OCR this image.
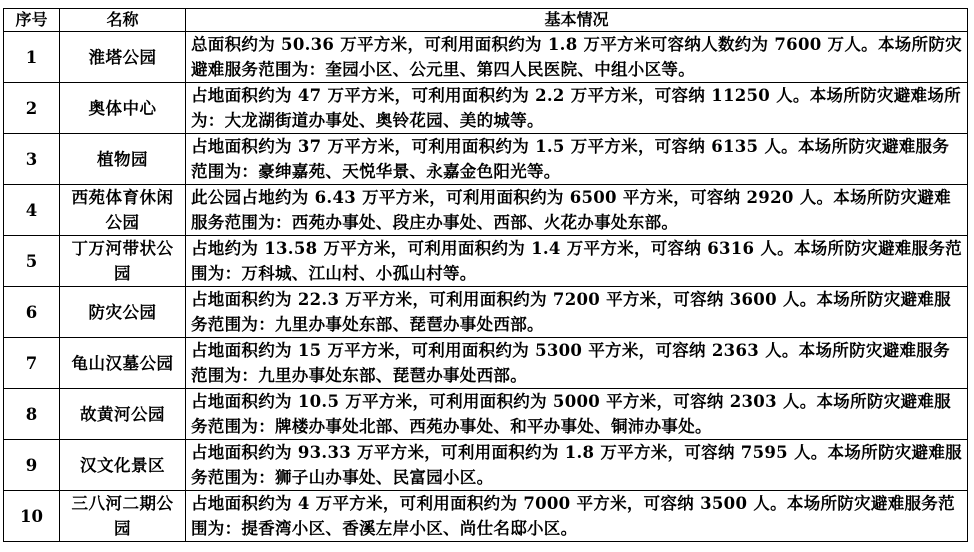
序号	名称	基本情况
1	淮塔公园	总面积约为 50.36 万平方米，可利用面积约为 1.8 万平方米可容纳人数约为 7600 万人。本场所防灾避难服务范围为：奎园小区、公元里、第四人民医院、中组小区等。
2	奥体中心	占地面积约为 47 万平方米，可利用面积约为 2.2 万平方米，可容纳 11250 人。本场所防灾避难场所为：大龙湖街道办事处、奥铃花园、美的城等。
3	植物园	占地面积约为 37 万平方米，可利用面积约为 1.5 万平方米，可容纳 6135 人。本场所防灾避难服务范围为：豪绅嘉苑、天悦华景、永嘉金色阳光等。
4	西苑体育休闲公园	此公园占地约为 6.43 万平方米，可利用面积约为 6500 平方米，可容纳 2920 人。本场所防灾避难服务范围为：西苑办事处、段庄办事处、西部、火花办事处东部。
5	丁万河带状公园	占地约为 13.58 万平方米，可利用面积约为 1.4 万平方米，可容纳 6316 人。本场所防灾避难服务范围为：万科城、江山村、小孤山村等。
6	防灾公园	占地面积约为 22.3 万平方米，可利用面积约为 7200 平方米，可容纳 3600 人。本场所防灾避难服务范围为：九里办事处东部、琵琶办事处西部。
7	龟山汉墓公园	占地面积约为 15 万平方米，可利用面积约为 5300 平方米，可容纳 2363 人。本场所防灾避难服务范围为：九里办事处东部、琵琶办事处西部。
8	故黄河公园	占地面积约为 10.5 万平方米，可利用面积约为 5000 平方米，可容纳 2303 人。本场所防灾避难服务范围为：牌楼办事处北部、西苑办事处、和平办事处、铜沛办事处。
9	汉文化景区	占地面积约为 93.33 万平方米，可利用面积约为 1.8 万平方米，可容纳 7595 人。本场所防灾避难服务范围为：狮子山办事处、民富园小区。
10	三八河二期公园	占地面积约为 4 万平方米，可利用面积约为 7000 平方米，可容纳 3500 人。本场所防灾避难服务范围为：提香湾小区、香溪左岸小区、尚仕名邸小区。
